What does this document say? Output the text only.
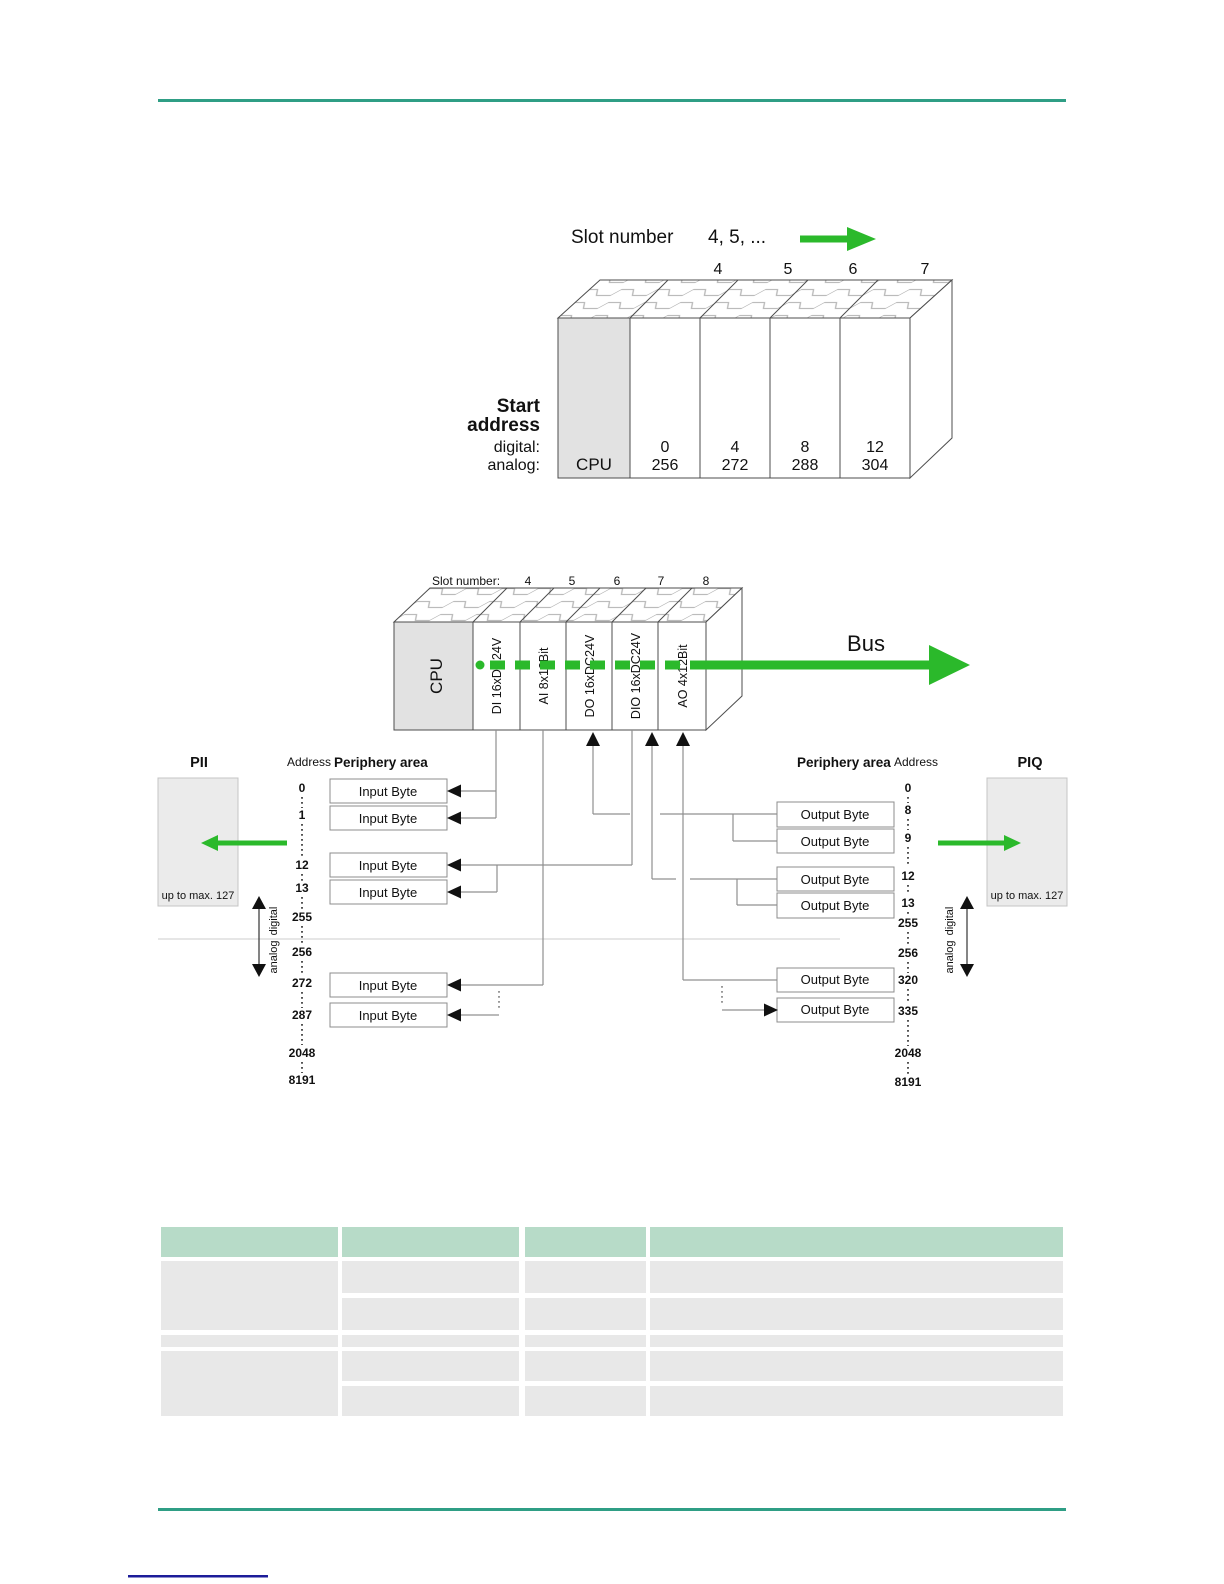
Slot number 4, 5, ...
4	5	6	7
Start
address
digital:
analog: CPU
0	4	8	12
256	272	288	304
Slot number: 4	5	6	7	8
CPU	DI 16xDC24V	AI 8x12Bit	DO 16xDC24V	DIO 16xDC24V	AO 4x12Bit
Bus
PII	Address Periphery area	Periphery area Address	PIQ
up to max. 127	up to max. 127
0
1
12
13
255
256
272
287
2048
8191
0
8
9
12
13
255
256
320
335
2048
8191
digital
analog
digital
analog
Input Byte
Input Byte
Input Byte
Input Byte
Input Byte
Input Byte
Output Byte
Output Byte
Output Byte
Output Byte
Output Byte
Output Byte
